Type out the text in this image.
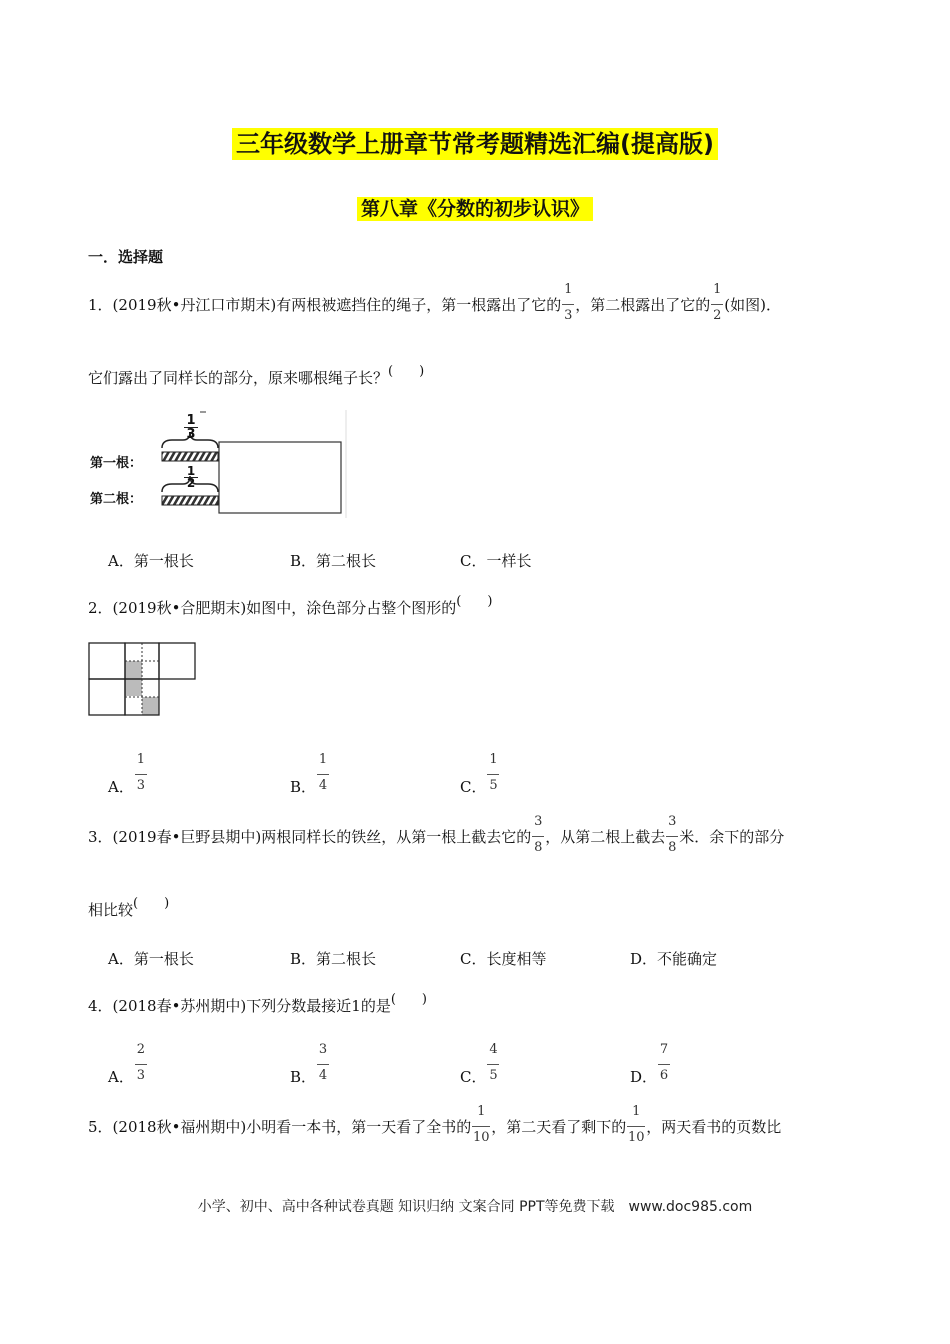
三年级数学上册章节常考题精选汇编(提高版)
第八章《分数的初步认识》
一．选择题
1．(2019秋•丹江口市期末)有两根被遮挡住的绳子，第一根露出了它的 $\frac{1}{3}$ ，第二根露出了它的 $\frac{1}{2}$ (如图)．
它们露出了同样长的部分，原来哪根绳子长？(　　)
1
3
1
2
第一根：
第二根：
A．第一根长	B．第二根长	C．一样长
2．(2019秋•合肥期末)如图中，涂色部分占整个图形的(　　)
A． $\frac{1}{3}$	B． $\frac{1}{4}$	C． $\frac{1}{5}$
3．(2019春•巨野县期中)两根同样长的铁丝，从第一根上截去它的 $\frac{3}{8}$ ，从第二根上截去 $\frac{3}{8}$ 米．余下的部分
相比较(　　)
A．第一根长	B．第二根长	C．长度相等	D．不能确定
4．(2018春•苏州期中)下列分数最接近1的是(　　)
A． $\frac{2}{3}$	B． $\frac{3}{4}$	C． $\frac{4}{5}$	D． $\frac{7}{6}$
5．(2018秋•福州期中)小明看一本书，第一天看了全书的 $\frac{1}{10}$ ，第二天看了剩下的 $\frac{1}{10}$ ，两天看书的页数比
小学、初中、高中各种试卷真题 知识归纳 文案合同 PPT等免费下载　www.doc985.com
